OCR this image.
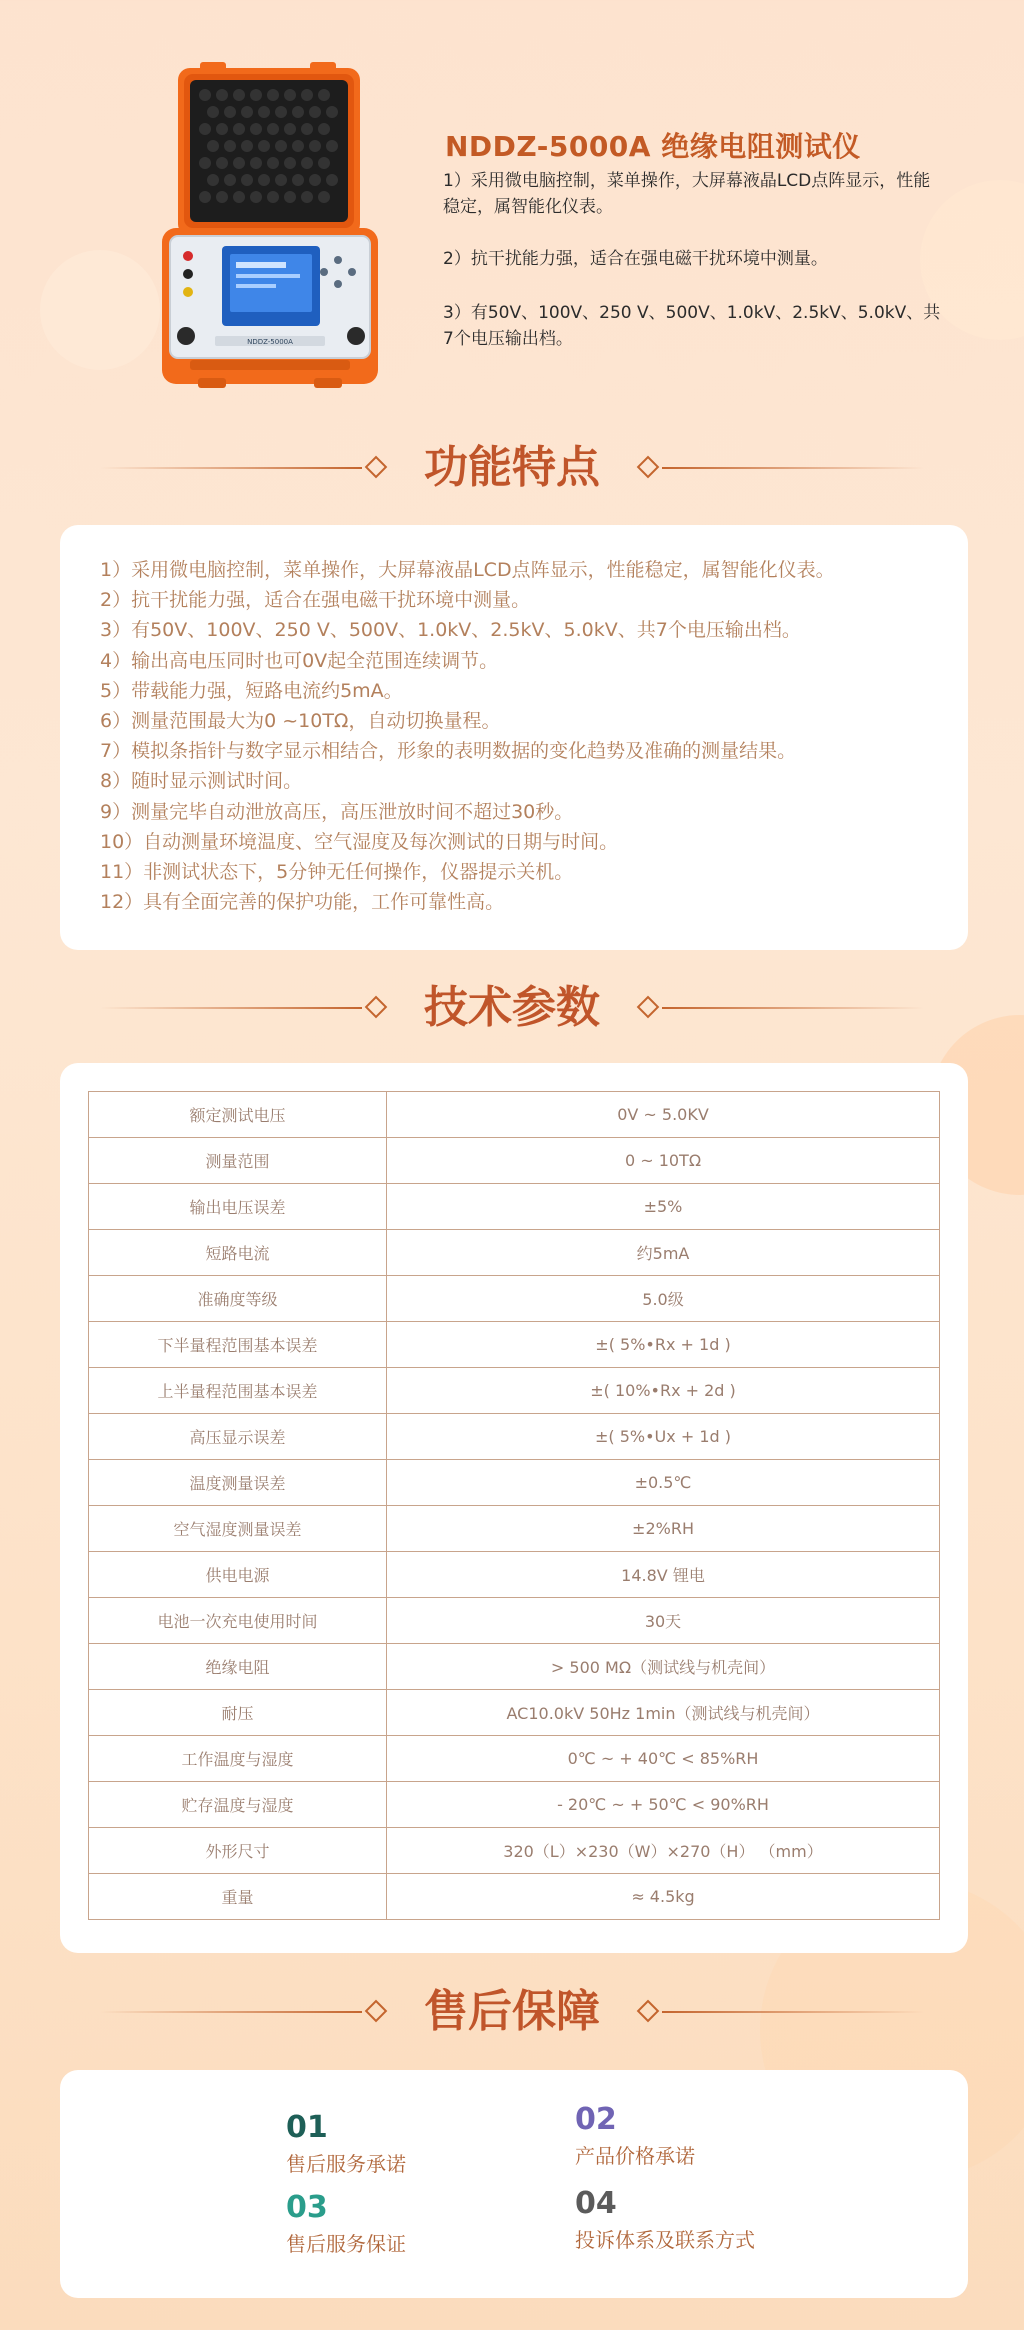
NDDZ-5000A
NDDZ-5000A 绝缘电阻测试仪

1）采用微电脑控制，菜单操作，大屏幕液晶LCD点阵显示，性能稳定，属智能化仪表。

2）抗干扰能力强，适合在强电磁干扰环境中测量。

3）有50V、100V、250 V、500V、1.0kV、2.5kV、5.0kV、共7个电压输出档。

功能特点
1）采用微电脑控制，菜单操作，大屏幕液晶LCD点阵显示，性能稳定，属智能化仪表。
2）抗干扰能力强，适合在强电磁干扰环境中测量。
3）有50V、100V、250 V、500V、1.0kV、2.5kV、5.0kV、共7个电压输出档。
4）输出高电压同时也可0V起全范围连续调节。
5）带载能力强，短路电流约5mA。
6）测量范围最大为0 ~10TΩ，自动切换量程。
7）模拟条指针与数字显示相结合，形象的表明数据的变化趋势及准确的测量结果。
8）随时显示测试时间。
9）测量完毕自动泄放高压，高压泄放时间不超过30秒。
10）自动测量环境温度、空气湿度及每次测试的日期与时间。
11）非测试状态下，5分钟无任何操作，仪器提示关机。
12）具有全面完善的保护功能，工作可靠性高。
技术参数
额定测试电压	0V ~ 5.0KV
测量范围	0 ~ 10TΩ
输出电压误差	±5%
短路电流	约5mA
准确度等级	5.0级
下半量程范围基本误差	±( 5%•Rx + 1d )
上半量程范围基本误差	±( 10%•Rx + 2d )
高压显示误差	±( 5%•Ux + 1d )
温度测量误差	±0.5℃
空气湿度测量误差	±2%RH
供电电源	14.8V 锂电
电池一次充电使用时间	30天
绝缘电阻	> 500 MΩ（测试线与机壳间）
耐压	AC10.0kV 50Hz 1min（测试线与机壳间）
工作温度与湿度	0℃ ~ + 40℃ < 85%RH
贮存温度与湿度	- 20℃ ~ + 50℃ < 90%RH
外形尺寸	320（L）×230（W）×270（H） （mm）
重量	≈ 4.5kg
售后保障
01
售后服务承诺
02
产品价格承诺
03
售后服务保证
04
投诉体系及联系方式
